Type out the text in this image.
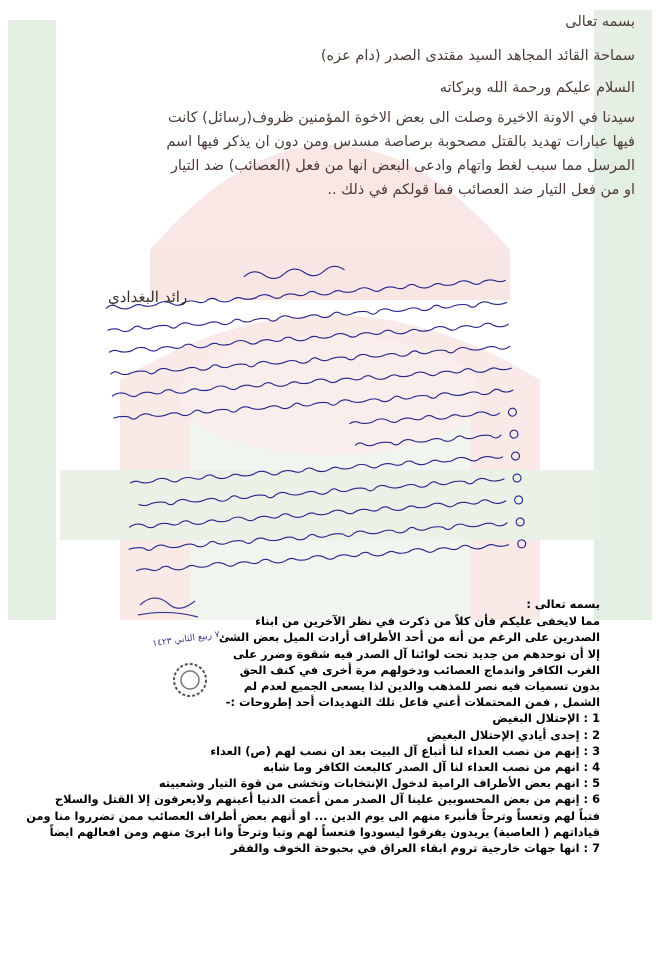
بسمه تعالى

سماحة القائد المجاهد السيد مقتدى الصدر (دام عزه)

السلام عليكم ورحمة الله وبركاته

سيدنا في الاونة الاخيرة وصلت الى بعض الاخوة المؤمنين ظروف(رسائل) كانت

فيها عبارات تهديد بالقتل مصحوبة برصاصة مسدس ومن دون ان يذكر فيها اسم

المرسل مما سبب لغط واتهام وادعى البعض انها من فعل (العصائب) ضد التيار

او من فعل التيار ضد العصائب فما قولكم في ذلك ..

رائد البغدادي
٧ ربيع الثاني ١٤٢٣

بسمه تعالى :

مما لايخفى عليكم فأن كلاً من ذكرت في نظر الآخرين من ابناء

الصدرين على الرغم من أنه من أحد الأطراف أرادت الميل بعض الشئ

إلا أن توحدهم من جديد تحت لوائنا آل الصدر فيه شقوة وضرر على

الغرب الكافر واندماج العصائب ودخولهم مرة أخرى في كنف الحق

بدون تسميات فيه نصر للمذهب والدين لذا يسعى الجميع لعدم لم

الشمل , فمن المحتملات أعني فاعل تلك التهديدات أحد إطروحات :-

1 : الإحتلال البغيض

2 : إحدى أيادي الإحتلال البغيض

3 : إنهم من نصب العداء لنا أتباع آل البيت بعد ان نصب لهم (ص) العداء

4 : انهم من نصب العداء لنا آل الصدر كالبعث الكافر وما شابه

5 : انهم بعض الأطراف الرامية لدخول الإنتخابات وتخشى من قوة التيار وشعبيته

6 : إنهم من بعض المحسوبين علينا آل الصدر ممن أعمت الدنيا أعينهم ولايعرفون إلا القتل والسلاح

فتباً لهم وتعساً وترحاً فأنبرء منهم الى يوم الدين ... او أنهم بعض أطراف العصائب ممن تضرروا منا ومن

قياداتهم ( العاصية) يريدون يفرقوا ليسودوا فتعساً لهم وتبا وترحاً وانا ابرئ منهم ومن افعالهم ايضاً

7 : انها جهات خارجية تروم ابقاء العراق في بحبوحة الخوف والفقر
